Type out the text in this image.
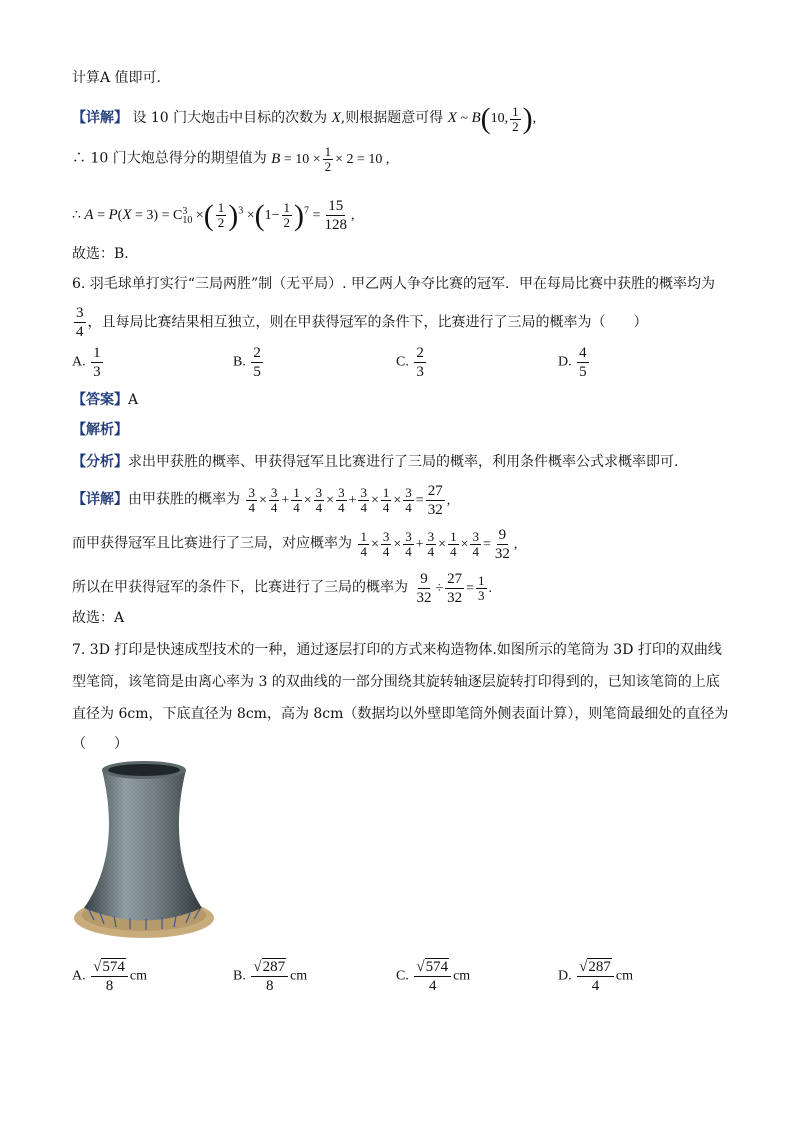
计算A 值即可.
【详解】 设 10 门大炮击中目标的次数为 X,则根据题意可得 X ~ B(10, $\frac{1}{2}$ ),
∴ 10 门大炮总得分的期望值为 $B = 10 \times \frac{1}{2} \times 2 = 10$ ,
∴ A = P(X = 3) = C 3
10 ×( $\frac{1}{2} )^3 \times(1- \frac{1}{2} )^7 = \frac{15}{128}$ ,
故选：B.
6. 羽毛球单打实行“三局两胜”制（无平局）. 甲乙两人争夺比赛的冠军．甲在每局比赛中获胜的概率均为
$\frac{3}{4}$ ，且每局比赛结果相互独立，则在甲获得冠军的条件下，比赛进行了三局的概率为（　　）
A. $\frac{1}{3}$	B. $\frac{2}{5}$	C. $\frac{2}{3}$	D. $\frac{4}{5}$
【答案】A
【解析】
【分析】求出甲获胜的概率、甲获得冠军且比赛进行了三局的概率，利用条件概率公式求概率即可.
【详解】由甲获胜的概率为 $\frac{3}{4} \times \frac{3}{4} + \frac{1}{4} \times \frac{3}{4} \times \frac{3}{4} + \frac{3}{4} \times \frac{1}{4} \times \frac{3}{4} = \frac{27}{32}$ ,
而甲获得冠军且比赛进行了三局，对应概率为 $\frac{1}{4} \times \frac{3}{4} \times \frac{3}{4} + \frac{3}{4} \times \frac{1}{4} \times \frac{3}{4} = \frac{9}{32}$ ,
所以在甲获得冠军的条件下，比赛进行了三局的概率为 $\frac{9}{32} \div \frac{27}{32} = \frac{1}{3}$ .
故选：A
7. 3D 打印是快速成型技术的一种，通过逐层打印的方式来构造物体.如图所示的笔筒为 3D 打印的双曲线
型笔筒，该笔筒是由离心率为 3 的双曲线的一部分围绕其旋转轴逐层旋转打印得到的，已知该笔筒的上底
直径为 6cm，下底直径为 8cm，高为 8cm（数据均以外壁即笔筒外侧表面计算），则笔筒最细处的直径为
（　　）
A. $\frac{√574}{8}$ cm	B. $\frac{√287}{8}$ cm	C. $\frac{√574}{4}$ cm	D. $\frac{√287}{4}$ cm
